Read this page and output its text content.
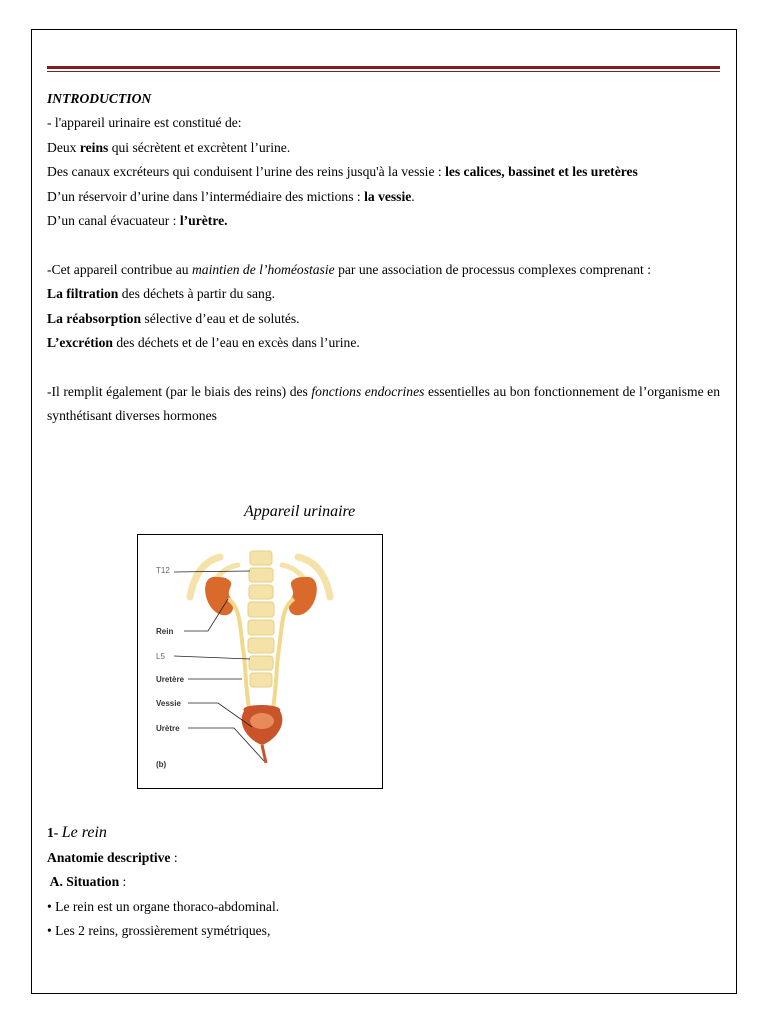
INTRODUCTION

- l'appareil urinaire est constitué de:

Deux reins qui sécrètent et excrètent l’urine.

Des canaux excréteurs qui conduisent l’urine des reins jusqu'à la vessie : les calices, bassinet et les uretères

D’un réservoir d’urine dans l’intermédiaire des mictions : la vessie.

D’un canal évacuateur : l’urètre.

-Cet appareil contribue au maintien de l’homéostasie par une association de processus complexes comprenant :

La filtration des déchets à partir du sang.

La réabsorption sélective d’eau et de solutés.

L’excrétion des déchets et de l’eau en excès dans l’urine.

-Il remplit également (par le biais des reins) des fonctions endocrines essentielles au bon fonctionnement de l’organisme en synthétisant diverses hormones

Appareil urinaire
T12
Rein
L5
Uretère
Vessie
Urètre
(b)

1- Le rein

Anatomie descriptive :

A. Situation :

• Le rein est un organe thoraco-abdominal.

• Les 2 reins, grossièrement symétriques,
